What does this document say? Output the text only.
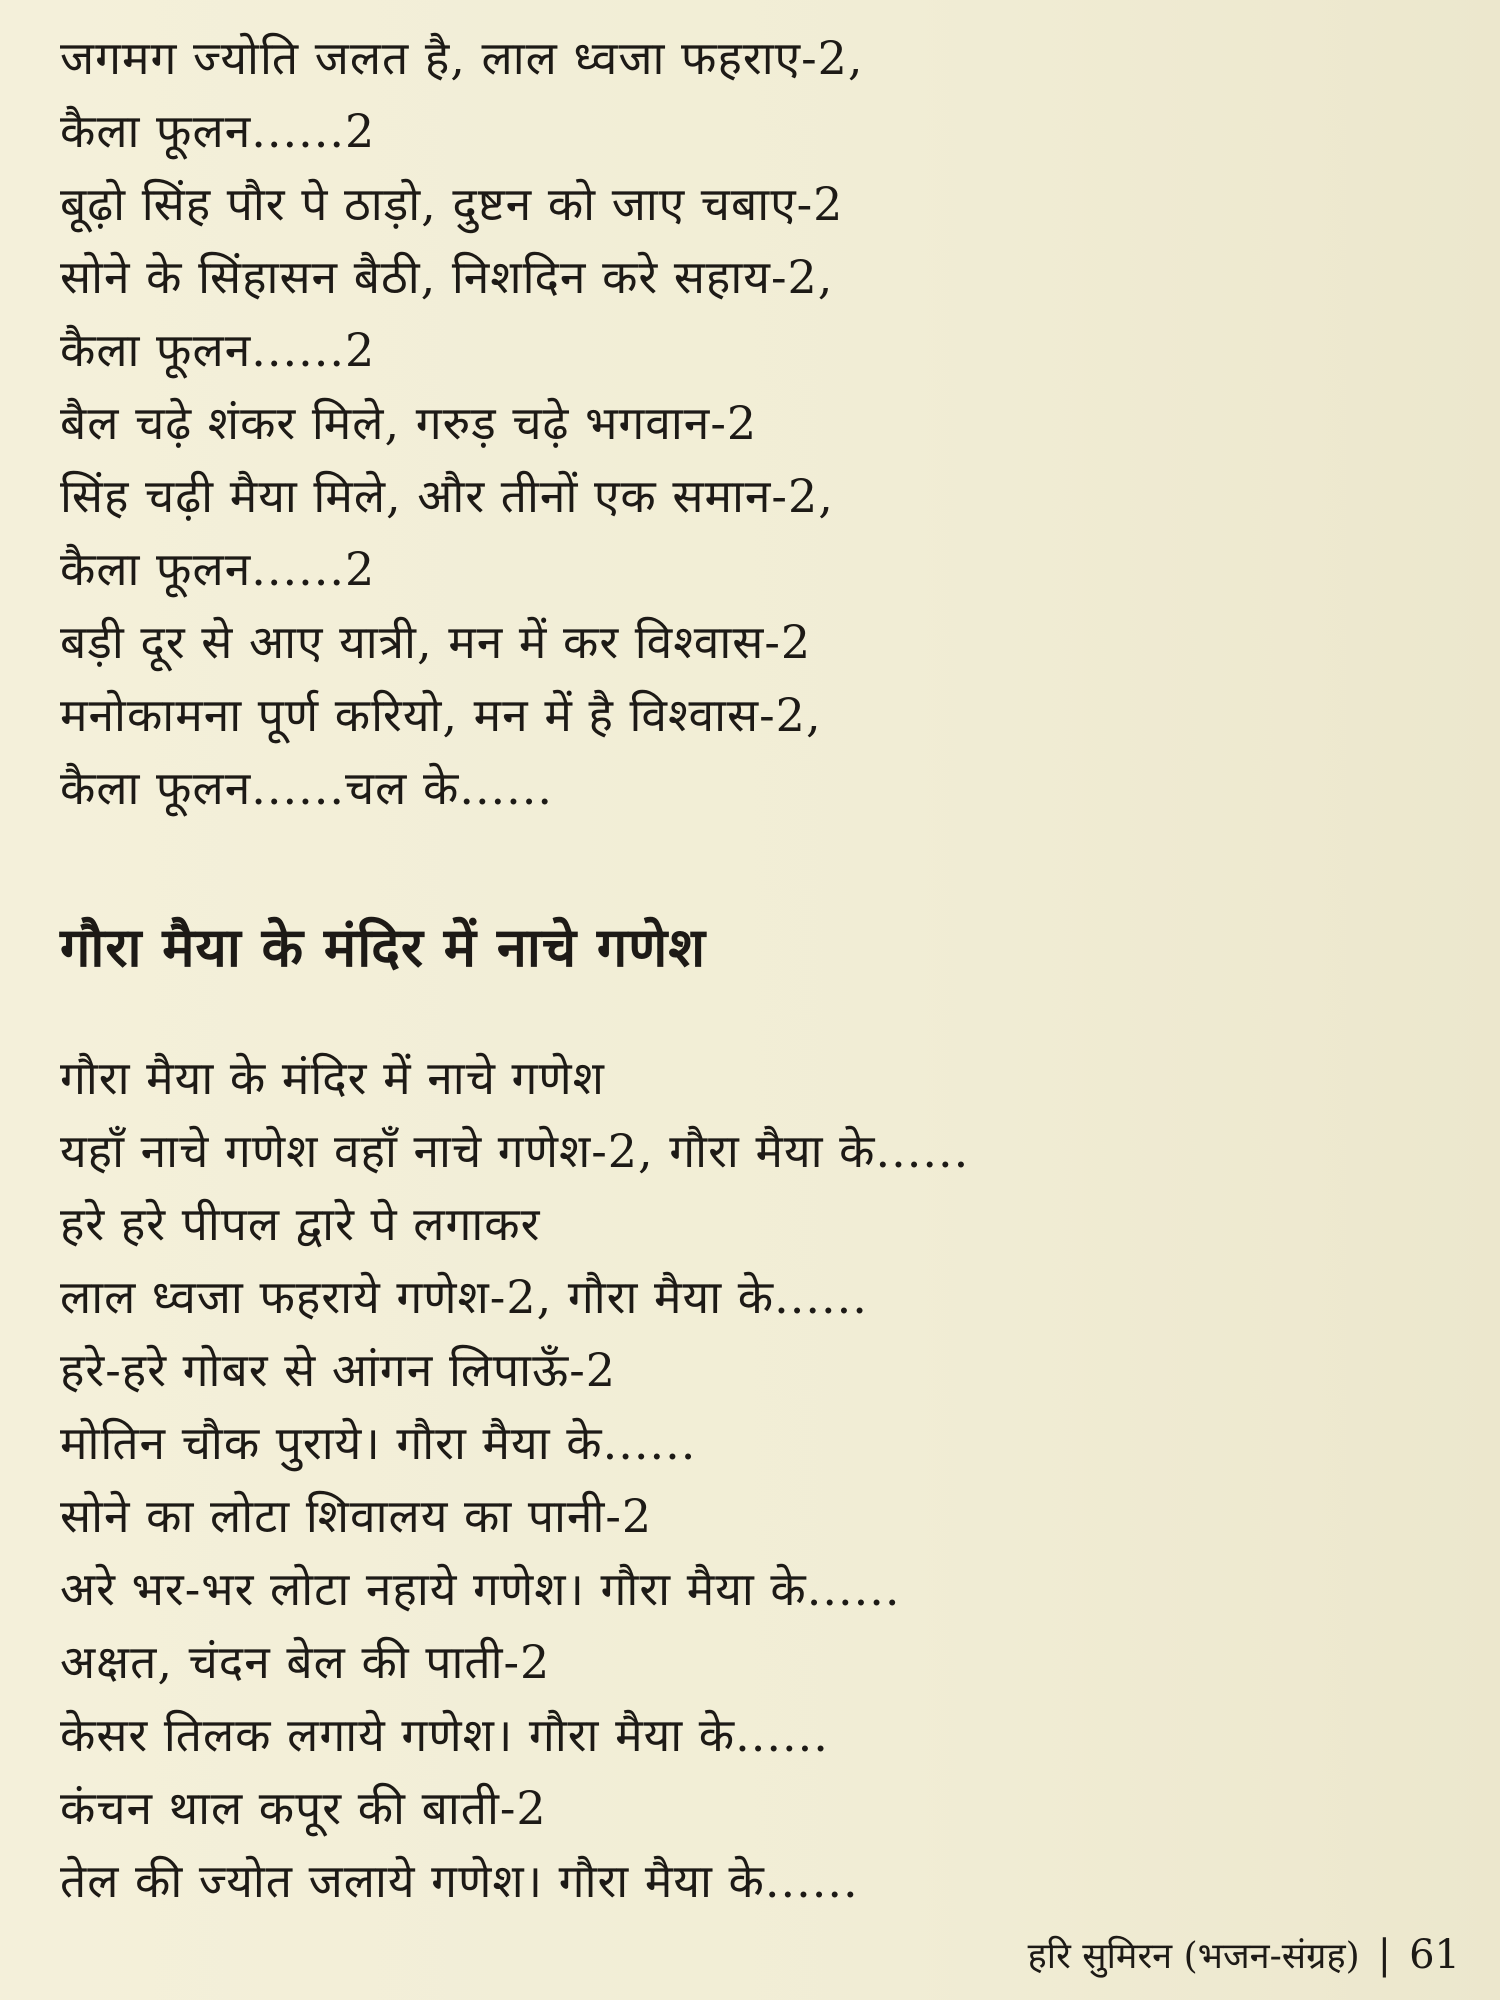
जगमग ज्योति जलत है, लाल ध्वजा फहराए-2,
कैला फूलन......2
बूढ़ो सिंह पौर पे ठाड़ो, दुष्टन को जाए चबाए-2
सोने के सिंहासन बैठी, निशदिन करे सहाय-2,
कैला फूलन......2
बैल चढ़े शंकर मिले, गरुड़ चढ़े भगवान-2
सिंह चढ़ी मैया मिले, और तीनों एक समान-2,
कैला फूलन......2
बड़ी दूर से आए यात्री, मन में कर विश्वास-2
मनोकामना पूर्ण करियो, मन में है विश्वास-2,
कैला फूलन......चल के......
गौरा मैया के मंदिर में नाचे गणेश
गौरा मैया के मंदिर में नाचे गणेश
यहाँ नाचे गणेश वहाँ नाचे गणेश-2, गौरा मैया के......
हरे हरे पीपल द्वारे पे लगाकर
लाल ध्वजा फहराये गणेश-2, गौरा मैया के......
हरे-हरे गोबर से आंगन लिपाऊँ-2
मोतिन चौक पुराये। गौरा मैया के......
सोने का लोटा शिवालय का पानी-2
अरे भर-भर लोटा नहाये गणेश। गौरा मैया के......
अक्षत, चंदन बेल की पाती-2
केसर तिलक लगाये गणेश। गौरा मैया के......
कंचन थाल कपूर की बाती-2
तेल की ज्योत जलाये गणेश। गौरा मैया के......
हरि सुमिरन (भजन-संग्रह) | 61
